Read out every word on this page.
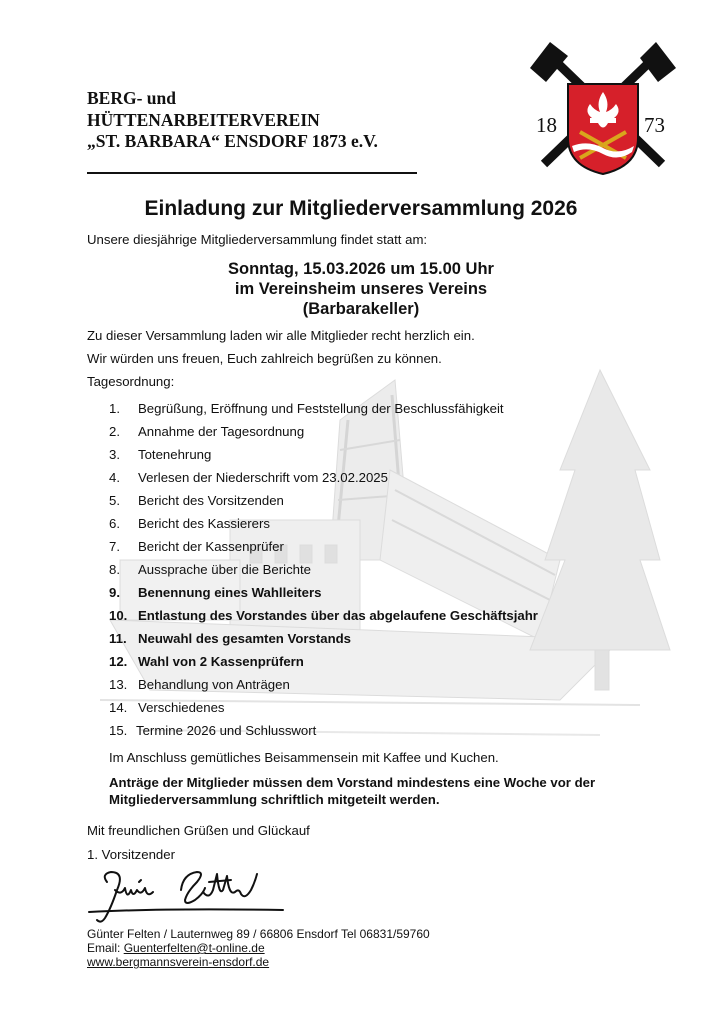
BERG- und
HÜTTENARBEITERVEREIN
„ST. BARBARA“ ENSDORF 1873 e.V.
18	73
Einladung zur Mitgliederversammlung 2026
Unsere diesjährige Mitgliederversammlung findet statt am:
Sonntag, 15.03.2026 um 15.00 Uhr
im Vereinsheim unseres Vereins
(Barbarakeller)
Zu dieser Versammlung laden wir alle Mitglieder recht herzlich ein.
Wir würden uns freuen, Euch zahlreich begrüßen zu können.
Tagesordnung:
1. Begrüßung, Eröffnung und Feststellung der Beschlussfähigkeit
2. Annahme der Tagesordnung
3. Totenehrung
4. Verlesen der Niederschrift vom 23.02.2025
5. Bericht des Vorsitzenden
6. Bericht des Kassierers
7. Bericht der Kassenprüfer
8. Aussprache über die Berichte
9. Benennung eines Wahlleiters
10. Entlastung des Vorstandes über das abgelaufene Geschäftsjahr
11. Neuwahl des gesamten Vorstands
12. Wahl von 2 Kassenprüfern
13. Behandlung von Anträgen
14. Verschiedenes
15. Termine 2026 und Schlusswort
Im Anschluss gemütliches Beisammensein mit Kaffee und Kuchen.
Anträge der Mitglieder müssen dem Vorstand mindestens eine Woche vor der
Mitgliederversammlung schriftlich mitgeteilt werden.
Mit freundlichen Grüßen und Glückauf
1. Vorsitzender
Günter Felten / Lauternweg 89 / 66806 Ensdorf Tel 06831/59760
Email: Guenterfelten@t-online.de
www.bergmannsverein-ensdorf.de
